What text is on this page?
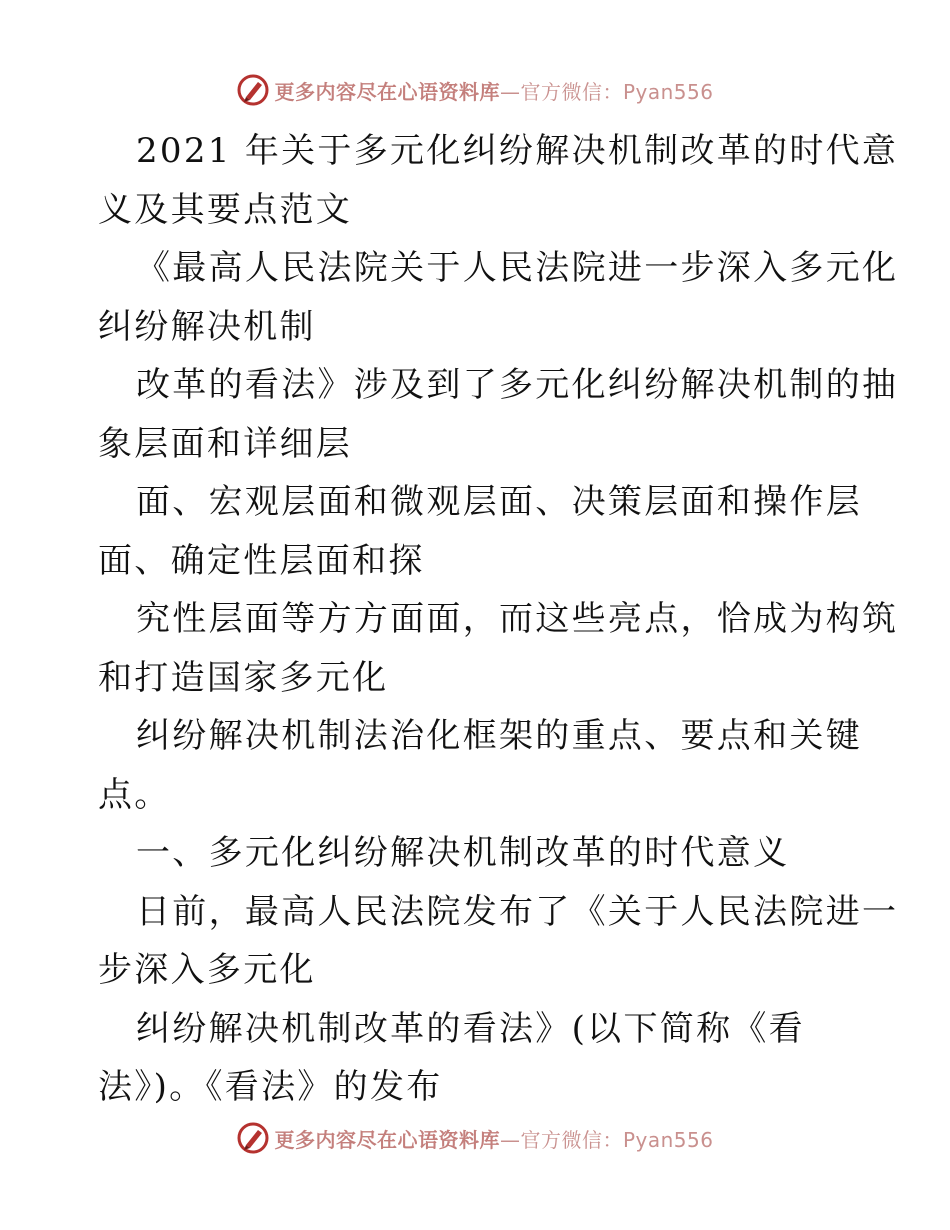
更多内容尽在心语资料库—官方微信：Pyan556
2021 年关于多元化纠纷解决机制改革的时代意
义及其要点范文
《最高人民法院关于人民法院进一步深入多元化
纠纷解决机制
改革的看法》涉及到了多元化纠纷解决机制的抽
象层面和详细层
面、宏观层面和微观层面、决策层面和操作层
面、确定性层面和探
究性层面等方方面面，而这些亮点，恰成为构筑
和打造国家多元化
纠纷解决机制法治化框架的重点、要点和关键
点。
一、多元化纠纷解决机制改革的时代意义
日前，最高人民法院发布了《关于人民法院进一
步深入多元化
纠纷解决机制改革的看法》(以下简称《看
法》)。《看法》的发布
更多内容尽在心语资料库—官方微信：Pyan556
